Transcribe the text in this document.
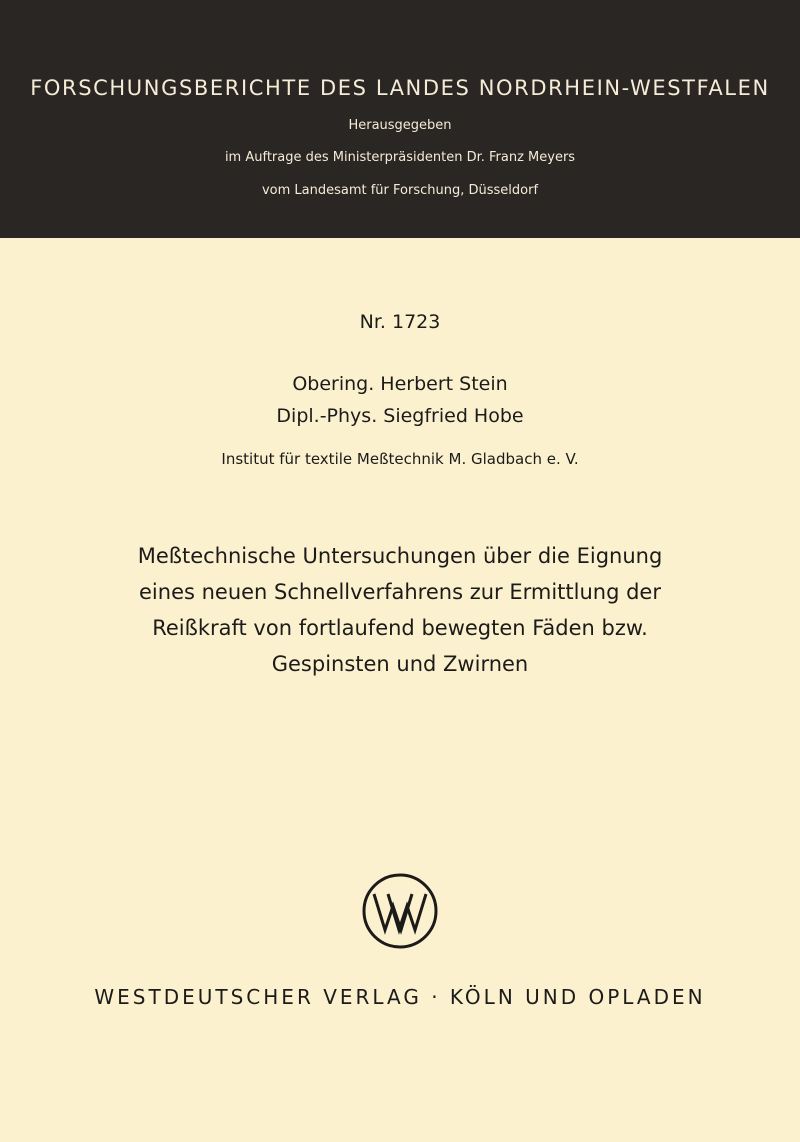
FORSCHUNGSBERICHTE DES LANDES NORDRHEIN-WESTFALEN
Herausgegeben
im Auftrage des Ministerpräsidenten Dr. Franz Meyers
vom Landesamt für Forschung, Düsseldorf
Nr. 1723
Obering. Herbert Stein
Dipl.-Phys. Siegfried Hobe
Institut für textile Meßtechnik M. Gladbach e. V.
Meßtechnische Untersuchungen über die Eignung
eines neuen Schnellverfahrens zur Ermittlung der
Reißkraft von fortlaufend bewegten Fäden bzw.
Gespinsten und Zwirnen
WESTDEUTSCHER VERLAG · KÖLN UND OPLADEN
